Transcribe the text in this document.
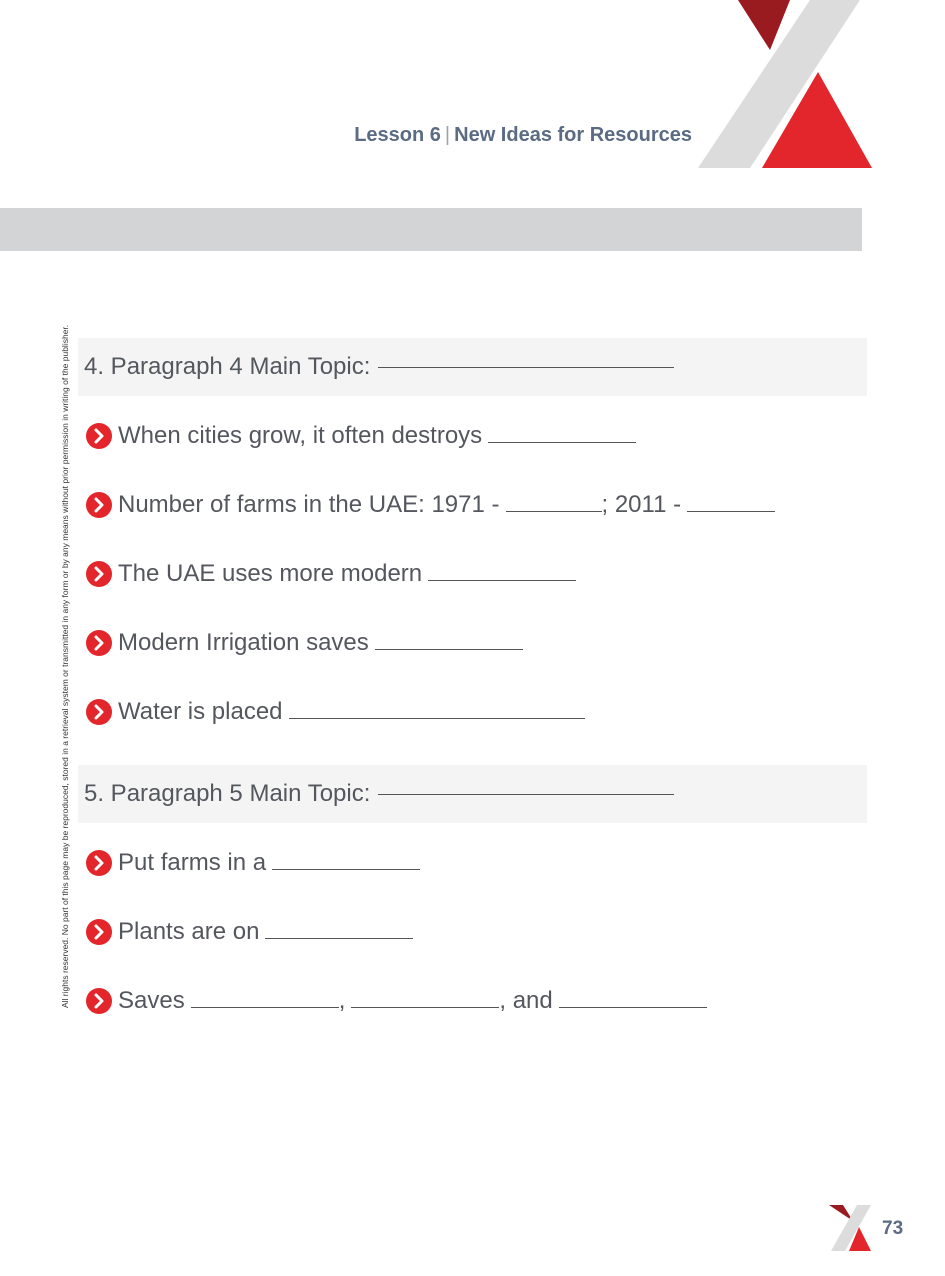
Lesson 6 | New Ideas for Resources
All rights reserved. No part of this page may be reproduced, stored in a retrieval system or transmitted in any form or by any means without prior permission in writing of the publisher. 4. Paragraph 4 Main Topic:
When cities grow, it often destroys
Number of farms in the UAE: 1971 -	; 2011 -
The UAE uses more modern
Modern Irrigation saves
Water is placed
5. Paragraph 5 Main Topic:
Put farms in a
Plants are on
Saves	,	, and
73
